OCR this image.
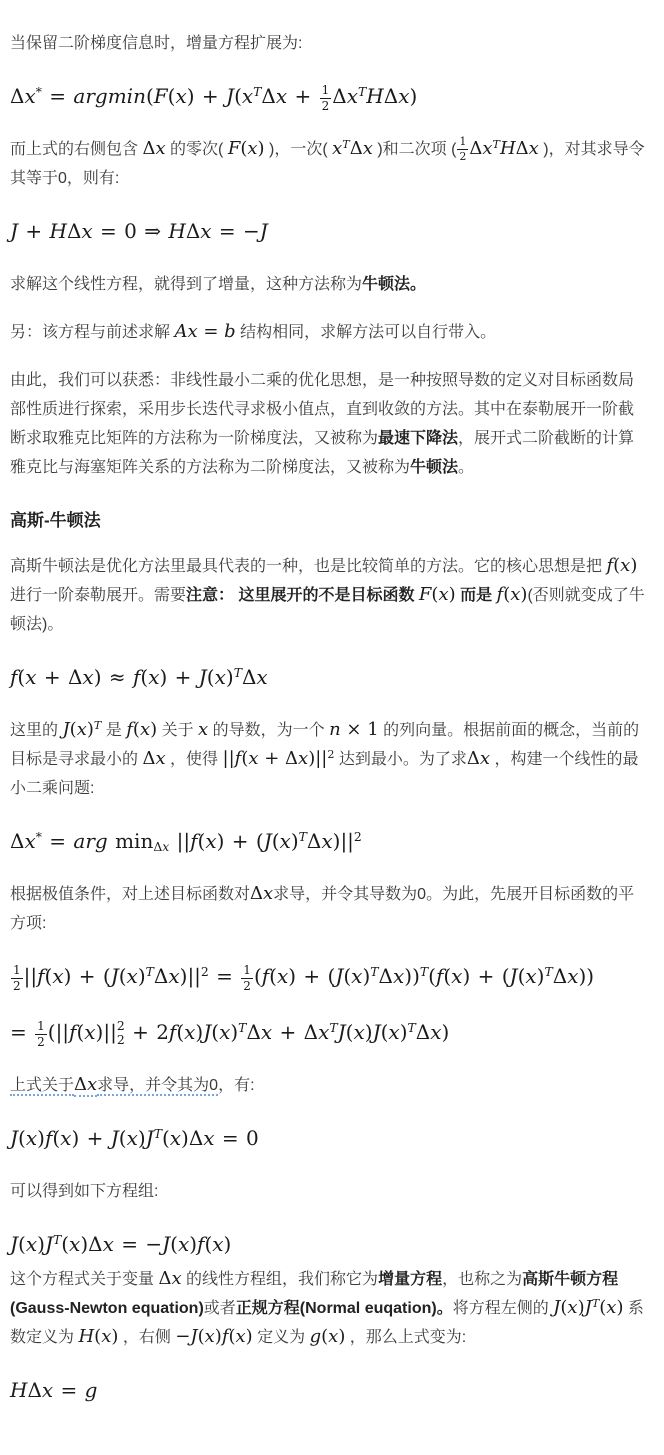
当保留二阶梯度信息时，增量方程扩展为:

$\Delta x^* = argmin(F(x) + J(x^T\Delta x + \frac{1}{2} \Delta x^TH\Delta x)$

而上式的右侧包含 Δx 的零次( F(x) )，一次( $x^T\Delta x$ )和二次项 ( $\frac{1}{2} \Delta x^TH\Delta x$ )，对其求导令其等于0，则有:

J + HΔx = 0 ⇒ HΔx = −J

求解这个线性方程，就得到了增量，这种方法称为牛顿法。

另：该方程与前述求解 Ax = b 结构相同，求解方法可以自行带入。

由此，我们可以获悉：非线性最小二乘的优化思想，是一种按照导数的定义对目标函数局部性质进行探索，采用步长迭代寻求极小值点，直到收敛的方法。其中在泰勒展开一阶截断求取雅克比矩阵的方法称为一阶梯度法，又被称为最速下降法，展开式二阶截断的计算雅克比与海塞矩阵关系的方法称为二阶梯度法，又被称为牛顿法。

高斯-牛顿法

高斯牛顿法是优化方法里最具代表的一种，也是比较简单的方法。它的核心思想是把 f(x) 进行一阶泰勒展开。需要注意： 这里展开的不是目标函数 F(x) 而是 f(x)(否则就变成了牛顿法)。

$f(x + \Delta x) \approx f(x) + J(x)^T\Delta x$

这里的 $J(x)^T$ 是 f(x) 关于 x 的导数，为一个 n × 1 的列向量。根据前面的概念，当前的目标是寻求最小的 Δx ，使得 $||f(x + \Delta x)||^2$ 达到最小。为了求Δx ，构建一个线性的最小二乘问题:

Δx* = arg minΔx $||f(x) + (J(x)^T\Delta x)||^2$

根据极值条件，对上述目标函数对Δx求导，并令其导数为0。为此，先展开目标函数的平方项:

$\frac{1}{2} ||f(x) + (J(x)^T\Delta x)||^2 = \frac{1}{2} (f(x) + (J(x)^T\Delta x))^T(f(x) + (J(x)^T\Delta x))$
= $\frac{1}{2} (||f(x)||$ 2
$2 + 2f(x)J(x)^T\Delta x + \Delta x^TJ(x)J(x)^T\Delta x$)

上式关于Δx求导，并令其为0，有:

$J(x)f(x) + J(x)J^T(x)\Delta x = 0$

可以得到如下方程组:

$J(x)J^T(x)\Delta x = -J(x)f(x)$

这个方程式关于变量 Δx 的线性方程组，我们称它为增量方程，也称之为高斯牛顿方程(Gauss-Newton equation)或者正规方程(Normal euqation)。将方程左侧的 $J(x)J^T(x)$ 系数定义为 H(x) ，右侧 −J(x)f(x) 定义为 g(x) ，那么上式变为:

HΔx = g
